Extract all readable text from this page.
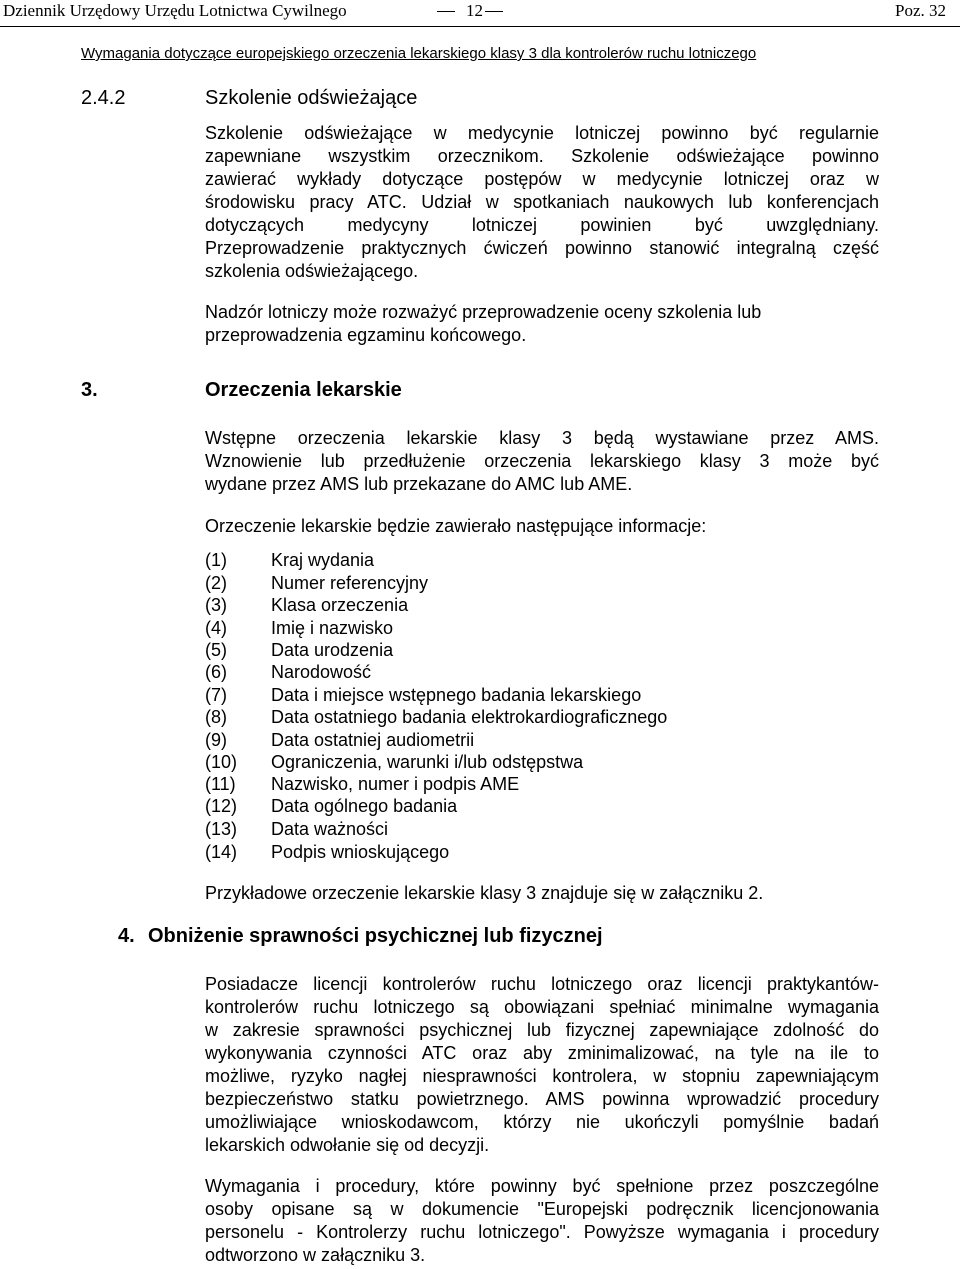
Dziennik Urzędowy Urzędu Lotnictwa Cywilnego	12	Poz. 32
Wymagania dotyczące europejskiego orzeczenia lekarskiego klasy 3 dla kontrolerów ruchu lotniczego
2.4.2	Szkolenie odświeżające
Szkolenie odświeżające w medycynie lotniczej powinno być regularnie
zapewniane wszystkim orzecznikom. Szkolenie odświeżające powinno
zawierać wykłady dotyczące postępów w medycynie lotniczej oraz w
środowisku pracy ATC. Udział w spotkaniach naukowych lub konferencjach
dotyczących medycyny lotniczej powinien być uwzględniany.
Przeprowadzenie praktycznych ćwiczeń powinno stanowić integralną część
szkolenia odświeżającego.
Nadzór lotniczy może rozważyć przeprowadzenie oceny szkolenia lub
przeprowadzenia egzaminu końcowego.
3.	Orzeczenia lekarskie
Wstępne orzeczenia lekarskie klasy 3 będą wystawiane przez AMS.
Wznowienie lub przedłużenie orzeczenia lekarskiego klasy 3 może być
wydane przez AMS lub przekazane do AMC lub AME.
Orzeczenie lekarskie będzie zawierało następujące informacje:
(1) Kraj wydania
(2) Numer referencyjny
(3) Klasa orzeczenia
(4) Imię i nazwisko
(5) Data urodzenia
(6) Narodowość
(7) Data i miejsce wstępnego badania lekarskiego
(8) Data ostatniego badania elektrokardiograficznego
(9) Data ostatniej audiometrii
(10) Ograniczenia, warunki i/lub odstępstwa
(11) Nazwisko, numer i podpis AME
(12) Data ogólnego badania
(13) Data ważności
(14) Podpis wnioskującego
Przykładowe orzeczenie lekarskie klasy 3 znajduje się w załączniku 2.
4. Obniżenie sprawności psychicznej lub fizycznej
Posiadacze licencji kontrolerów ruchu lotniczego oraz licencji praktykantów-
kontrolerów ruchu lotniczego są obowiązani spełniać minimalne wymagania
w zakresie sprawności psychicznej lub fizycznej zapewniające zdolność do
wykonywania czynności ATC oraz aby zminimalizować, na tyle na ile to
możliwe, ryzyko nagłej niesprawności kontrolera, w stopniu zapewniającym
bezpieczeństwo statku powietrznego. AMS powinna wprowadzić procedury
umożliwiające wnioskodawcom, którzy nie ukończyli pomyślnie badań
lekarskich odwołanie się od decyzji.
Wymagania i procedury, które powinny być spełnione przez poszczególne
osoby opisane są w dokumencie "Europejski podręcznik licencjonowania
personelu - Kontrolerzy ruchu lotniczego". Powyższe wymagania i procedury
odtworzono w załączniku 3.
